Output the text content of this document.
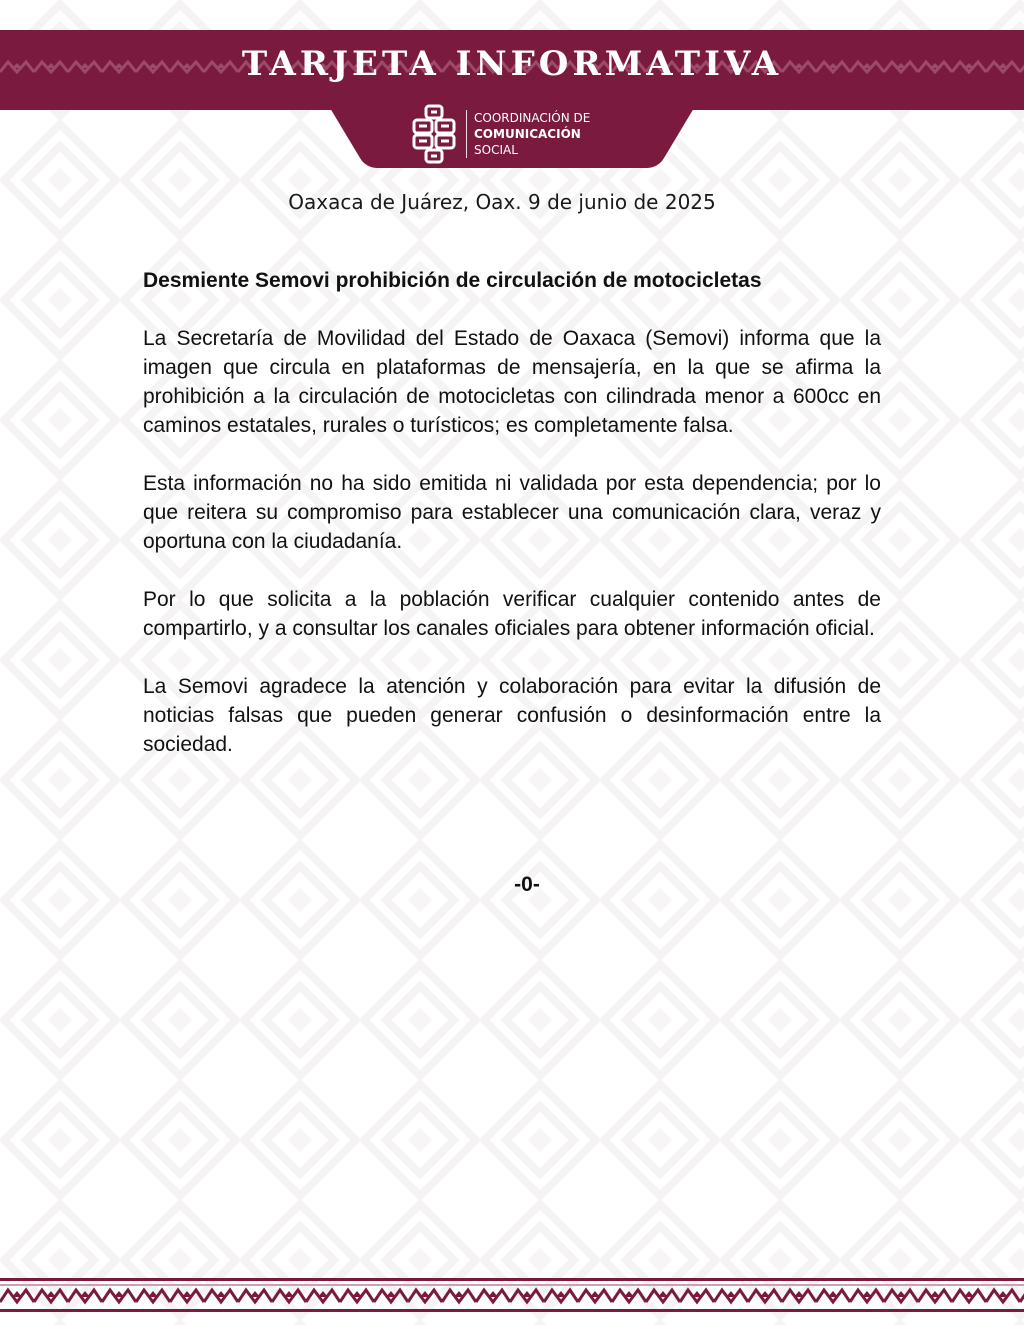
TARJETA INFORMATIVA
COORDINACIÓN DE
COMUNICACIÓN
SOCIAL
Oaxaca de Juárez, Oax. 9 de junio de 2025
Desmiente Semovi prohibición de circulación de motocicletas

La Secretaría de Movilidad del Estado de Oaxaca (Semovi) informa que la imagen que circula en plataformas de mensajería, en la que se afirma la prohibición a la circulación de motocicletas con cilindrada menor a 600cc en caminos estatales, rurales o turísticos; es completamente falsa.

Esta información no ha sido emitida ni validada por esta dependencia; por lo que reitera su compromiso para establecer una comunicación clara, veraz y oportuna con la ciudadanía.

Por lo que solicita a la población verificar cualquier contenido antes de compartirlo, y a consultar los canales oficiales para obtener información oficial.

La Semovi agradece la atención y colaboración para evitar la difusión de noticias falsas que pueden generar confusión o desinformación entre la sociedad.

-0-
